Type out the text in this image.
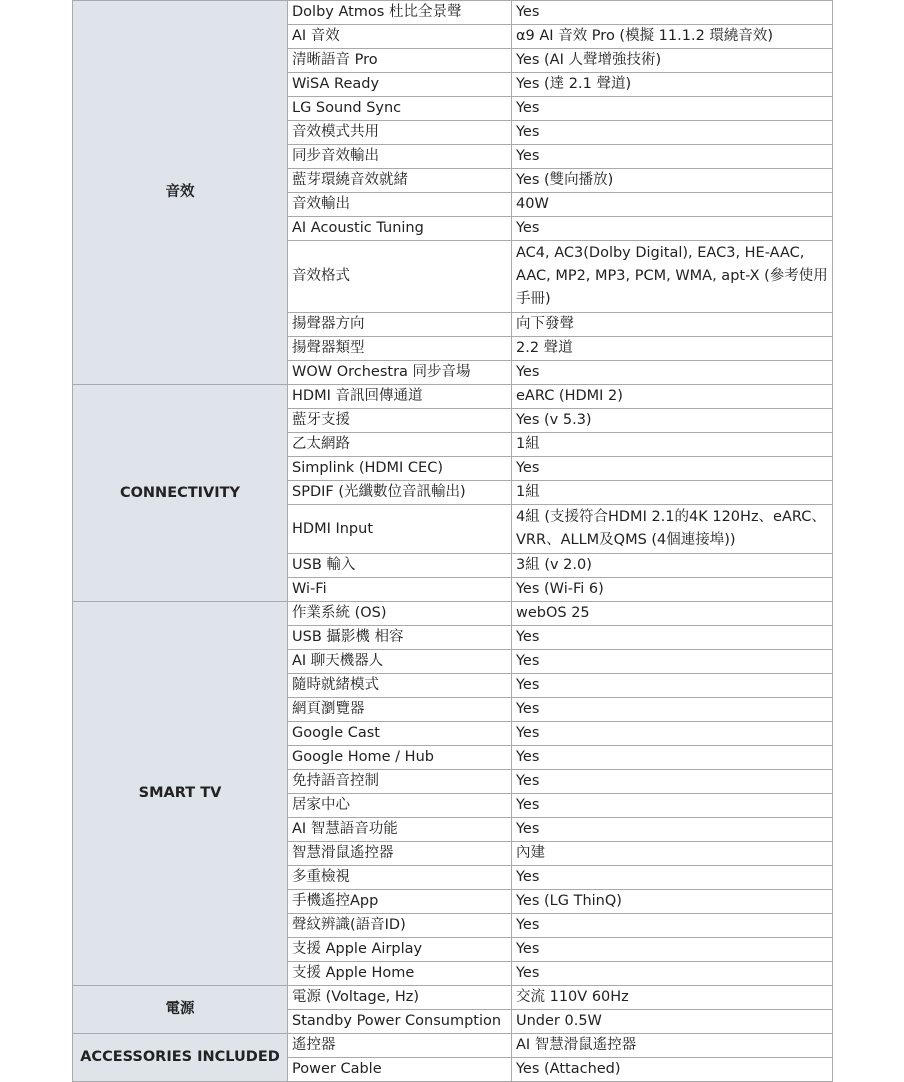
音效	Dolby Atmos 杜比全景聲	Yes
	AI 音效	α9 AI 音效 Pro (模擬 11.1.2 環繞音效)
	清晰語音 Pro	Yes (AI 人聲增強技術)
	WiSA Ready	Yes (達 2.1 聲道)
	LG Sound Sync	Yes
	音效模式共用	Yes
	同步音效輸出	Yes
	藍芽環繞音效就緒	Yes (雙向播放)
	音效輸出	40W
	AI Acoustic Tuning	Yes
	音效格式	AC4, AC3(Dolby Digital), EAC3, HE-AAC, AAC, MP2, MP3, PCM, WMA, apt-X (參考使用手冊)
	揚聲器方向	向下發聲
	揚聲器類型	2.2 聲道
	WOW Orchestra 同步音場	Yes
CONNECTIVITY	HDMI 音訊回傳通道	eARC (HDMI 2)
	藍牙支援	Yes (v 5.3)
	乙太網路	1組
	Simplink (HDMI CEC)	Yes
	SPDIF (光纖數位音訊輸出)	1組
	HDMI Input	4組 (支援符合HDMI 2.1的4K 120Hz、eARC、VRR、ALLM及QMS (4個連接埠))
	USB 輸入	3組 (v 2.0)
	Wi-Fi	Yes (Wi-Fi 6)
SMART TV	作業系統 (OS)	webOS 25
	USB 攝影機 相容	Yes
	AI 聊天機器人	Yes
	隨時就緒模式	Yes
	網頁瀏覽器	Yes
	Google Cast	Yes
	Google Home / Hub	Yes
	免持語音控制	Yes
	居家中心	Yes
	AI 智慧語音功能	Yes
	智慧滑鼠遙控器	內建
	多重檢視	Yes
	手機遙控App	Yes (LG ThinQ)
	聲紋辨識(語音ID)	Yes
	支援 Apple Airplay	Yes
	支援 Apple Home	Yes
電源	電源 (Voltage, Hz)	交流 110V 60Hz
	Standby Power Consumption	Under 0.5W
ACCESSORIES INCLUDED	遙控器	AI 智慧滑鼠遙控器
	Power Cable	Yes (Attached)
